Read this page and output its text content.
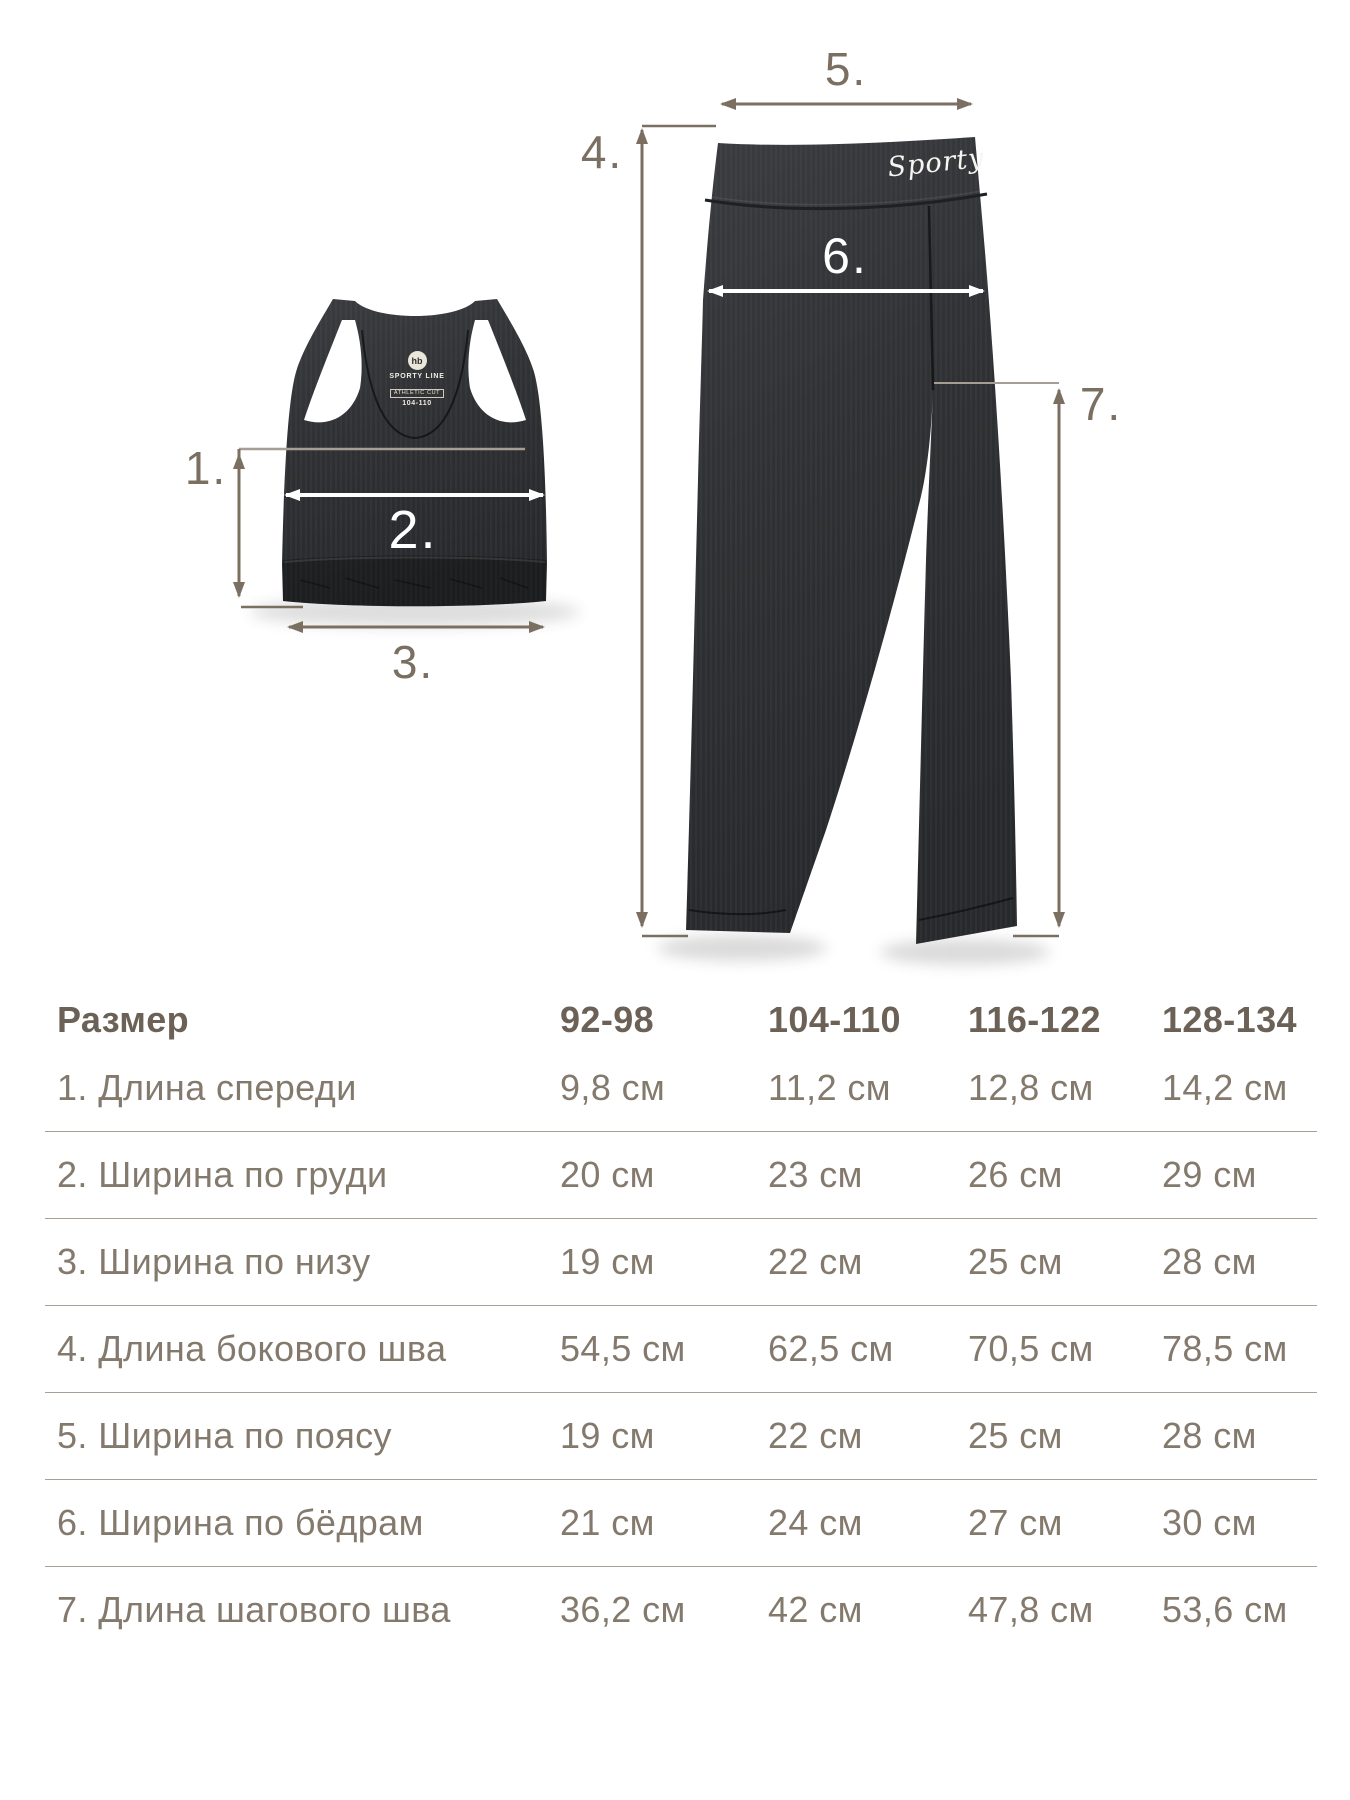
1.
2.
3.
4.
5.
6.
7.
hb
SPORTY LINE
ATHLETIC CUT
104-110
Sporty
Размер	92-98	104-110	116-122	128-134
1. Длина спереди	9,8 см	11,2 см	12,8 см	14,2 см
2. Ширина по груди	20 см	23 см	26 см	29 см
3. Ширина по низу	19 см	22 см	25 см	28 см
4. Длина бокового шва	54,5 см	62,5 см	70,5 см	78,5 см
5. Ширина по поясу	19 см	22 см	25 см	28 см
6. Ширина по бёдрам	21 см	24 см	27 см	30 см
7. Длина шагового шва	36,2 см	42 см	47,8 см	53,6 см
